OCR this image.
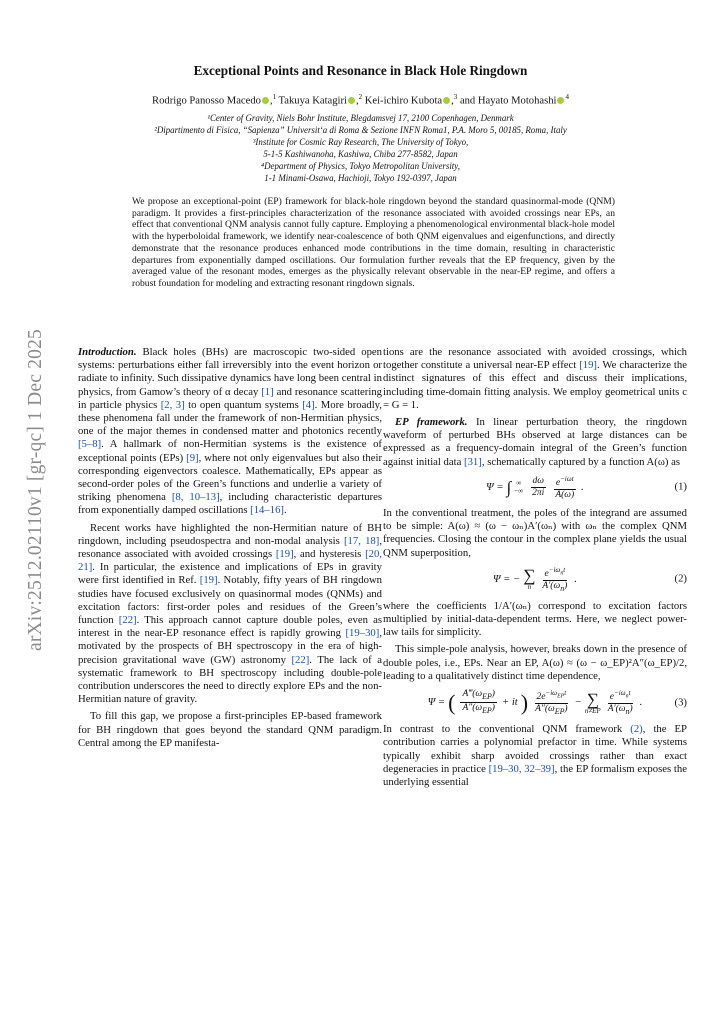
arXiv:2512.02110v1 [gr-qc] 1 Dec 2025
Exceptional Points and Resonance in Black Hole Ringdown
Rodrigo Panosso Macedo ,$^1$ Takuya Katagiri ,$^2$ Kei-ichiro Kubota ,$^3$ and Hayato Motohashi $^4$
¹Center of Gravity, Niels Bohr Institute, Blegdamsvej 17, 2100 Copenhagen, Denmark
²Dipartimento di Fisica, “Sapienza” Universit‘a di Roma & Sezione INFN Roma1, P.A. Moro 5, 00185, Roma, Italy
³Institute for Cosmic Ray Research, The University of Tokyo,
5-1-5 Kashiwanoha, Kashiwa, Chiba 277-8582, Japan
⁴Department of Physics, Tokyo Metropolitan University,
1-1 Minami-Osawa, Hachioji, Tokyo 192-0397, Japan
We propose an exceptional-point (EP) framework for black-hole ringdown beyond the standard quasinormal-mode (QNM) paradigm. It provides a first-principles characterization of the resonance associated with avoided crossings near EPs, an effect that conventional QNM analysis cannot fully capture. Employing a phenomenological environmental black-hole model with the hyperboloidal framework, we identify near-coalescence of both QNM eigenvalues and eigenfunctions, and directly demonstrate that the resonance produces enhanced mode contributions in the time domain, resulting in characteristic departures from exponentially damped oscillations. Our formulation further reveals that the EP frequency, given by the averaged value of the resonant modes, emerges as the physically relevant observable in the near-EP regime, and offers a robust foundation for modeling and extracting resonant ringdown signals.

Introduction. Black holes (BHs) are macroscopic two-sided open systems: perturbations either fall irreversibly into the event horizon or radiate to infinity. Such dissipative dynamics have long been central in physics, from Gamow’s theory of α decay [1] and resonance scattering in particle physics [2, 3] to open quantum systems [4]. More broadly, these phenomena fall under the framework of non-Hermitian physics, one of the major themes in condensed matter and photonics recently [5–8]. A hallmark of non-Hermitian systems is the existence of exceptional points (EPs) [9], where not only eigenvalues but also their corresponding eigenvectors coalesce. Mathematically, EPs appear as second-order poles of the Green’s functions and underlie a variety of striking phenomena [8, 10–13], including characteristic departures from exponentially damped oscillations [14–16].

Recent works have highlighted the non-Hermitian nature of BH ringdown, including pseudospectra and non-modal analysis [17, 18], resonance associated with avoided crossings [19], and hysteresis [20, 21]. In particular, the existence and implications of EPs in gravity were first identified in Ref. [19]. Notably, fifty years of BH ringdown studies have focused exclusively on quasinormal modes (QNMs) and excitation factors: first-order poles and residues of the Green’s function [22]. This approach cannot capture double poles, even as interest in the near-EP resonance effect is rapidly growing [19–30], motivated by the prospects of BH spectroscopy in the era of high-precision gravitational wave (GW) astronomy [22]. The lack of a systematic framework to BH spectroscopy including double-pole contribution underscores the need to directly explore EPs and the non-Hermitian nature of gravity.

To fill this gap, we propose a first-principles EP-based framework for BH ringdown that goes beyond the standard QNM paradigm. Central among the EP manifesta-

tions are the resonance associated with avoided crossings, which together constitute a universal near-EP effect [19]. We characterize the distinct signatures of this effect and discuss their implications, including time-domain fitting analysis. We employ geometrical units c = G = 1.

EP framework. In linear perturbation theory, the ringdown waveform of perturbed BHs observed at large distances can be expressed as a frequency-domain integral of the Green’s function against initial data [31], schematically captured by a function A(ω) as

Ψ = ∫ ∞
−∞ $\frac{d\omega}{2\pi i} \frac{e^{-i\omega t}}{A(\omega)}$ .	(1)

In the conventional treatment, the poles of the integrand are assumed to be simple: A(ω) ≈ (ω − ωₙ)A′(ωₙ) with ωₙ the complex QNM frequencies. Closing the contour in the complex plane yields the usual QNM superposition,

Ψ = − ∑
n $\frac{e^{-i\omega_nt}}{A'(\omega_n)}$ .	(2)

where the coefficients 1/A′(ωₙ) correspond to excitation factors multiplied by initial-data-dependent terms. Here, we neglect power-law tails for simplicity.

This simple-pole analysis, however, breaks down in the presence of double poles, i.e., EPs. Near an EP, A(ω) ≈ (ω − ω_EP)²A″(ω_EP)/2, leading to a qualitatively distinct time dependence,

Ψ = ( $\frac{A‴(\omega_{EP})}{A''(\omega_{EP})}$ + it ) $\frac{2e^{-i\omega_{EP}t}}{A''(\omega_{EP})}$ − ∑
$n\ne EP \frac{e^{-i\omega_nt}}{A'(\omega_n)}$ .	(3)

In contrast to the conventional QNM framework (2), the EP contribution carries a polynomial prefactor in time. While systems typically exhibit sharp avoided crossings rather than exact degeneracies in practice [19–30, 32–39], the EP formalism exposes the underlying essential
